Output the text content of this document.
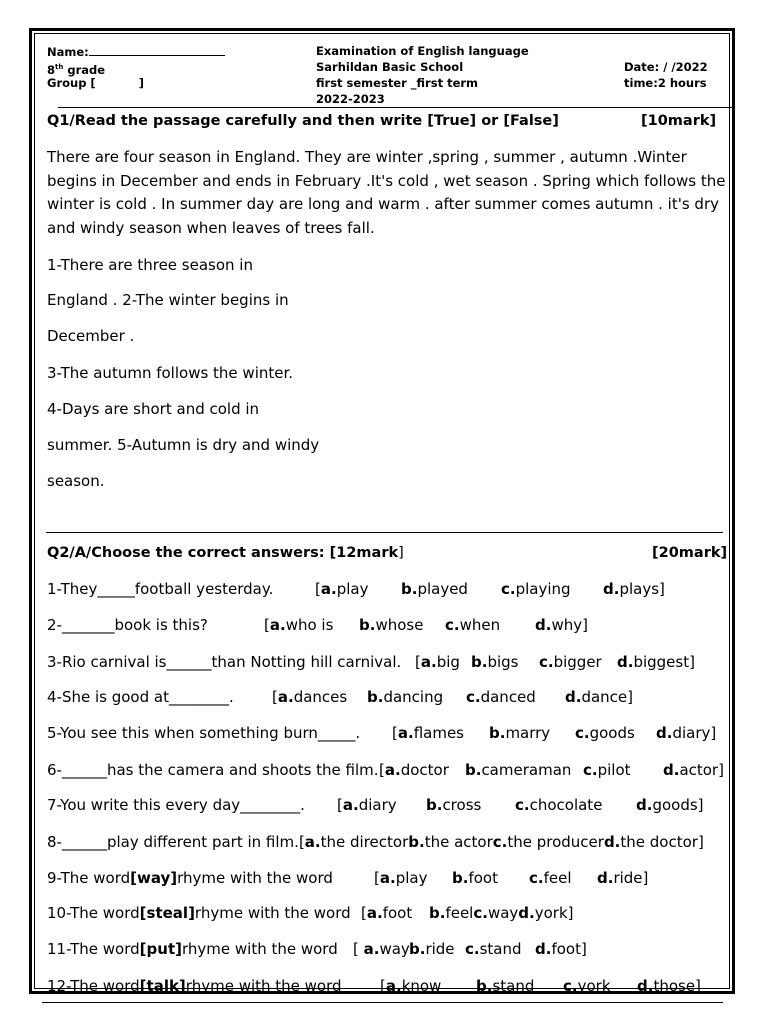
Name:
8th grade
Group [	]
Examination of English language
Sarhildan Basic School
first semester _first term
2022-2023
Date: / /2022
time:2 hours
Q1/Read the passage carefully and then write [True] or [False]	[10mark]
There are four season in England. They are winter ,spring , summer , autumn .Winter begins in December and ends in February .It's cold , wet season . Spring which follows the winter is cold . In summer day are long and warm . after summer comes autumn . it's dry and windy season when leaves of trees fall.
1-There are three season in
England . 2-The winter begins in
December .
3-The autumn follows the winter.
4-Days are short and cold in
summer. 5-Autumn is dry and windy
season.
Q2/A/Choose the correct answers: [12mark]	[20mark]
1-They_____football yesterday.	[a.play b.played c.playing d.plays]
2-_______book is this?	[a.who is b.whose c.when d.why]
3-Rio carnival is______than Notting hill carnival. [a.big b.bigs c.bigger d.biggest]
4-She is good at________.	[a.dances b.dancing c.danced d.dance]
5-You see this when something burn_____. [a.flames b.marry c.goods d.diary]
6-______has the camera and shoots the film.[a.doctor b.cameraman c.pilot d.actor]
7-You write this every day________. [a.diary b.cross c.chocolate d.goods]
8-______play different part in film.[a.the directorb.the actorc.the producerd.the doctor]
9-The word[way]rhyme with the word	[a.play b.foot c.feel d.ride]
10-The word[steal]rhyme with the word [a.foot b.feelc.wayd.york]
11-The word[put]rhyme with the word [ a.wayb.ride c.stand d.foot]
12-The word[talk]rhyme with the word	[a.know b.stand c.york d.those]
